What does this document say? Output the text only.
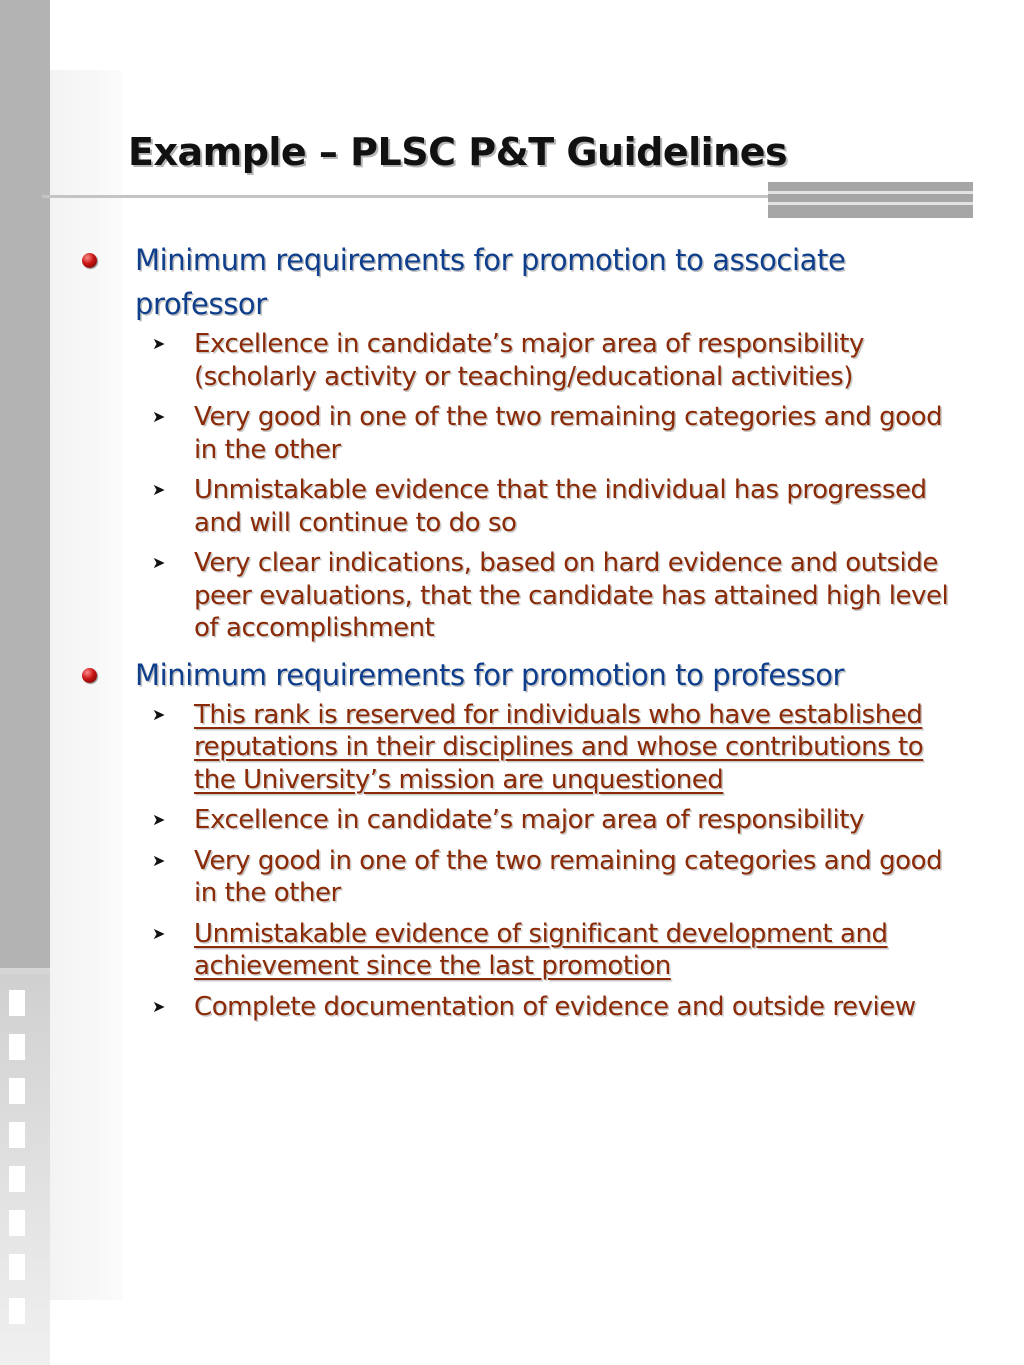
Example – PLSC P&T Guidelines
Minimum requirements for promotion to associate professor
➤ Excellence in candidate’s major area of responsibility (scholarly activity or teaching/educational activities)
➤ Very good in one of the two remaining categories and good in the other
➤ Unmistakable evidence that the individual has progressed and will continue to do so
➤ Very clear indications, based on hard evidence and outside peer evaluations, that the candidate has attained high level of accomplishment
Minimum requirements for promotion to professor
➤ This rank is reserved for individuals who have established reputations in their disciplines and whose contributions to the University’s mission are unquestioned
➤ Excellence in candidate’s major area of responsibility
➤ Very good in one of the two remaining categories and good in the other
➤ Unmistakable evidence of significant development and achievement since the last promotion
➤ Complete documentation of evidence and outside review
